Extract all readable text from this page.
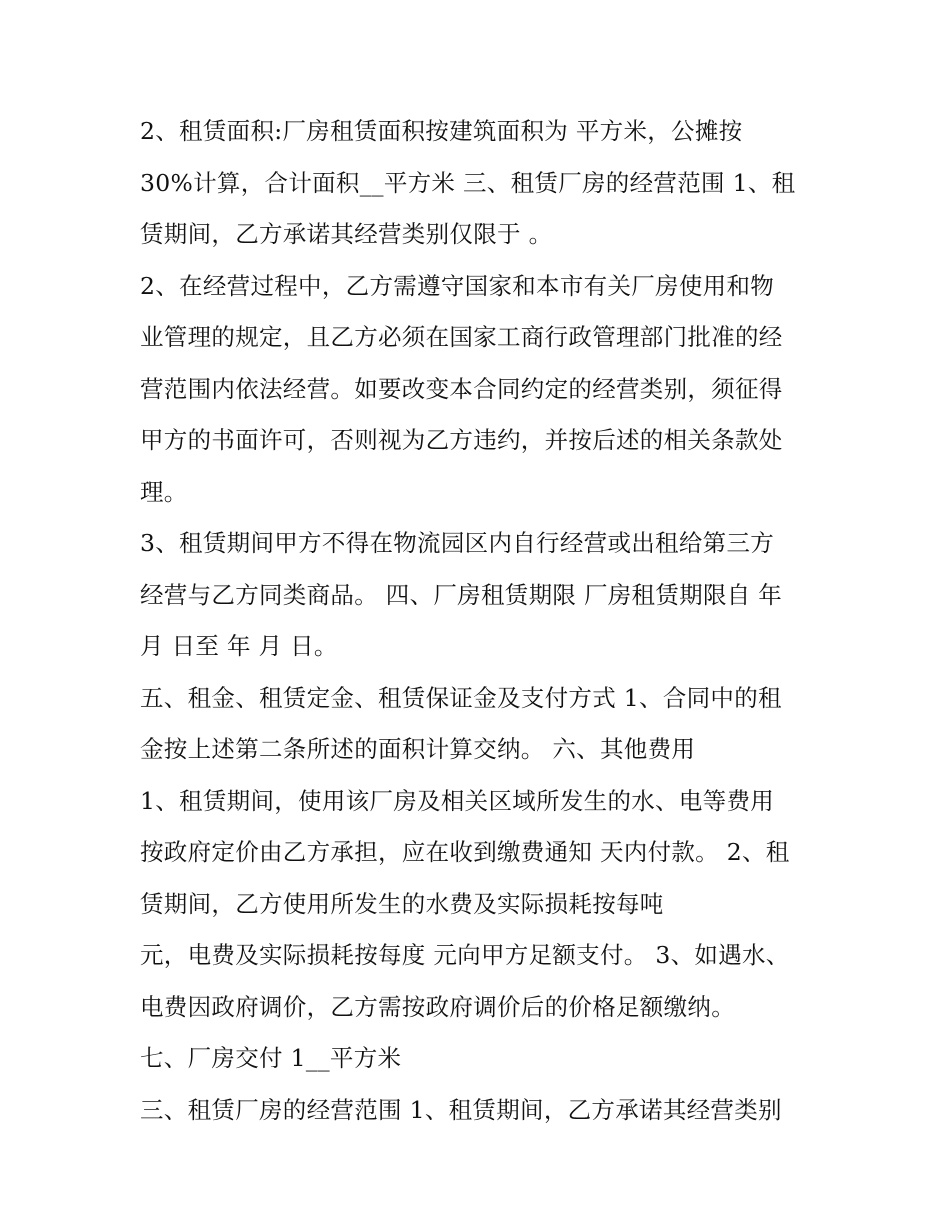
2、租赁面积:厂房租赁面积按建筑面积为 平方米，公摊按
30%计算，合计面积__平方米 三、租赁厂房的经营范围 1、租
赁期间，乙方承诺其经营类别仅限于 。
2、在经营过程中，乙方需遵守国家和本市有关厂房使用和物
业管理的规定，且乙方必须在国家工商行政管理部门批准的经
营范围内依法经营。如要改变本合同约定的经营类别，须征得
甲方的书面许可，否则视为乙方违约，并按后述的相关条款处
理。
3、租赁期间甲方不得在物流园区内自行经营或出租给第三方
经营与乙方同类商品。 四、厂房租赁期限 厂房租赁期限自 年
月 日至 年 月 日。
五、租金、租赁定金、租赁保证金及支付方式 1、合同中的租
金按上述第二条所述的面积计算交纳。 六、其他费用
1、租赁期间，使用该厂房及相关区域所发生的水、电等费用
按政府定价由乙方承担，应在收到缴费通知 天内付款。 2、租
赁期间，乙方使用所发生的水费及实际损耗按每吨
元，电费及实际损耗按每度 元向甲方足额支付。 3、如遇水、
电费因政府调价，乙方需按政府调价后的价格足额缴纳。
七、厂房交付 1__平方米
三、租赁厂房的经营范围 1、租赁期间，乙方承诺其经营类别
